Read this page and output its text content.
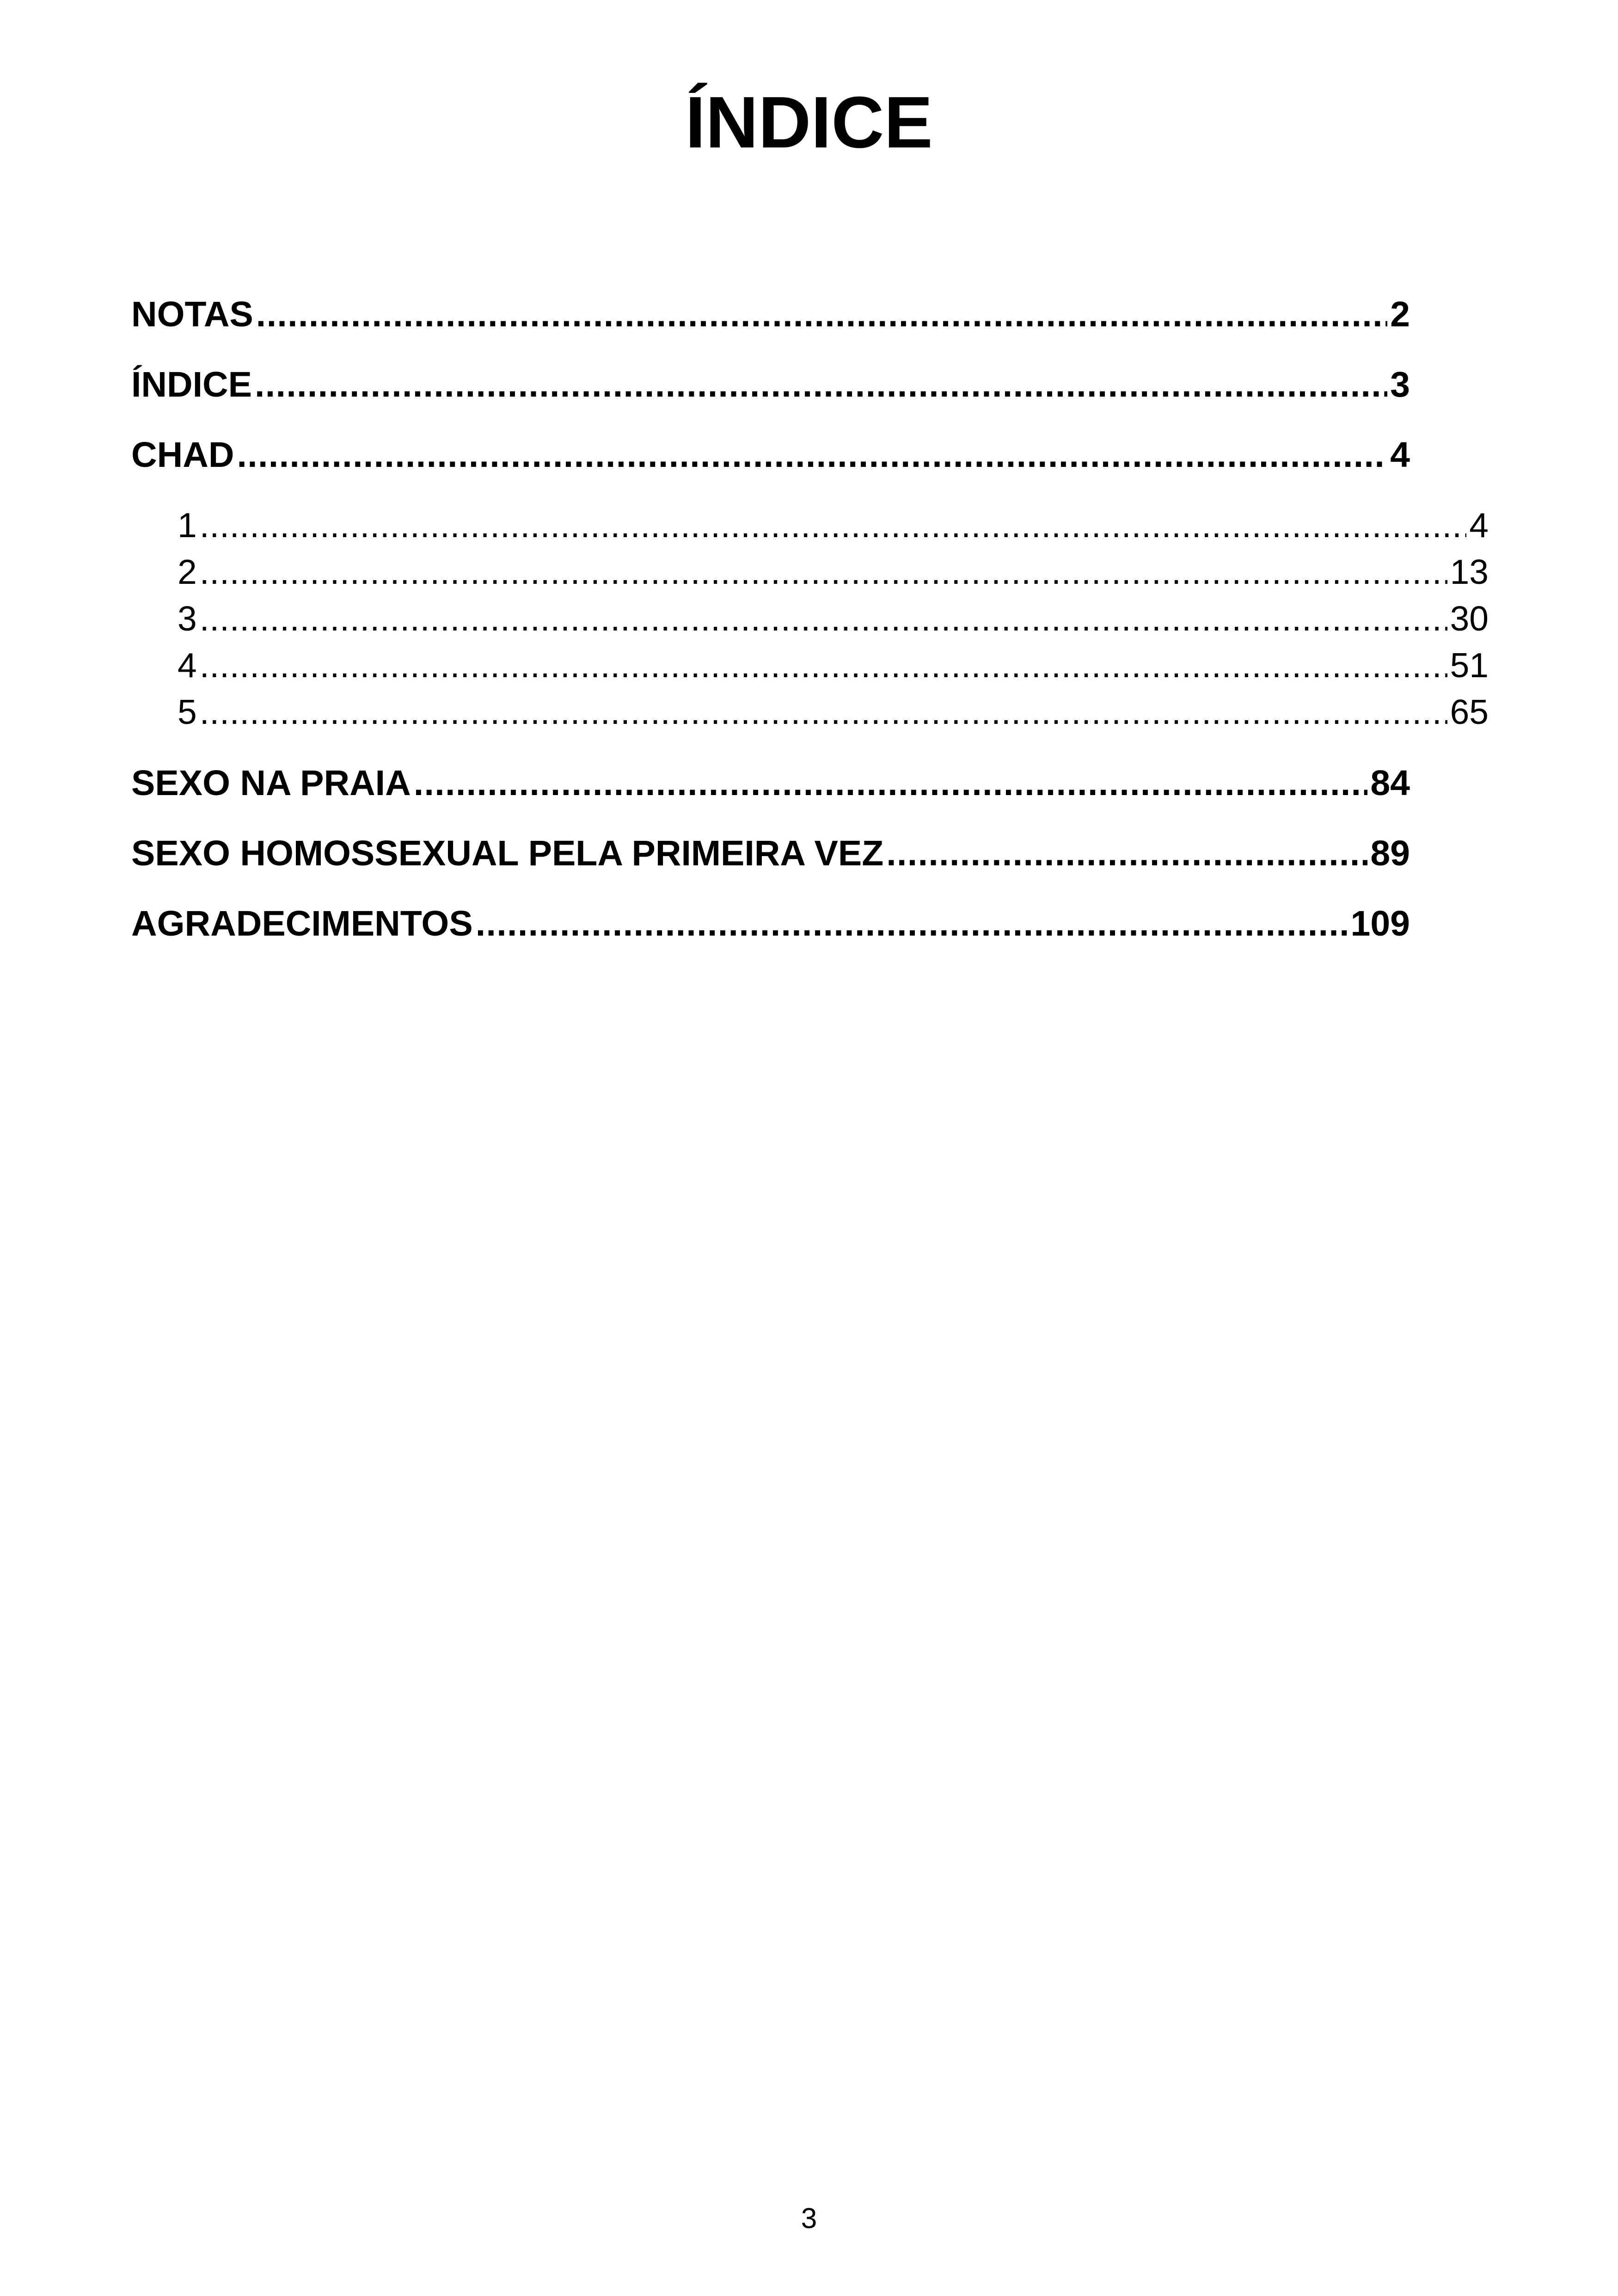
ÍNDICE
NOTAS . . .	2
ÍNDICE . . .	3
CHAD . . .	4
1 . . .	4
2 . . .	13
3 . . .	30
4 . . .	51
5 . . .	65
SEXO NA PRAIA . . .	84
SEXO HOMOSSEXUAL PELA PRIMEIRA VEZ . . .	89
AGRADECIMENTOS . . .	109
3
